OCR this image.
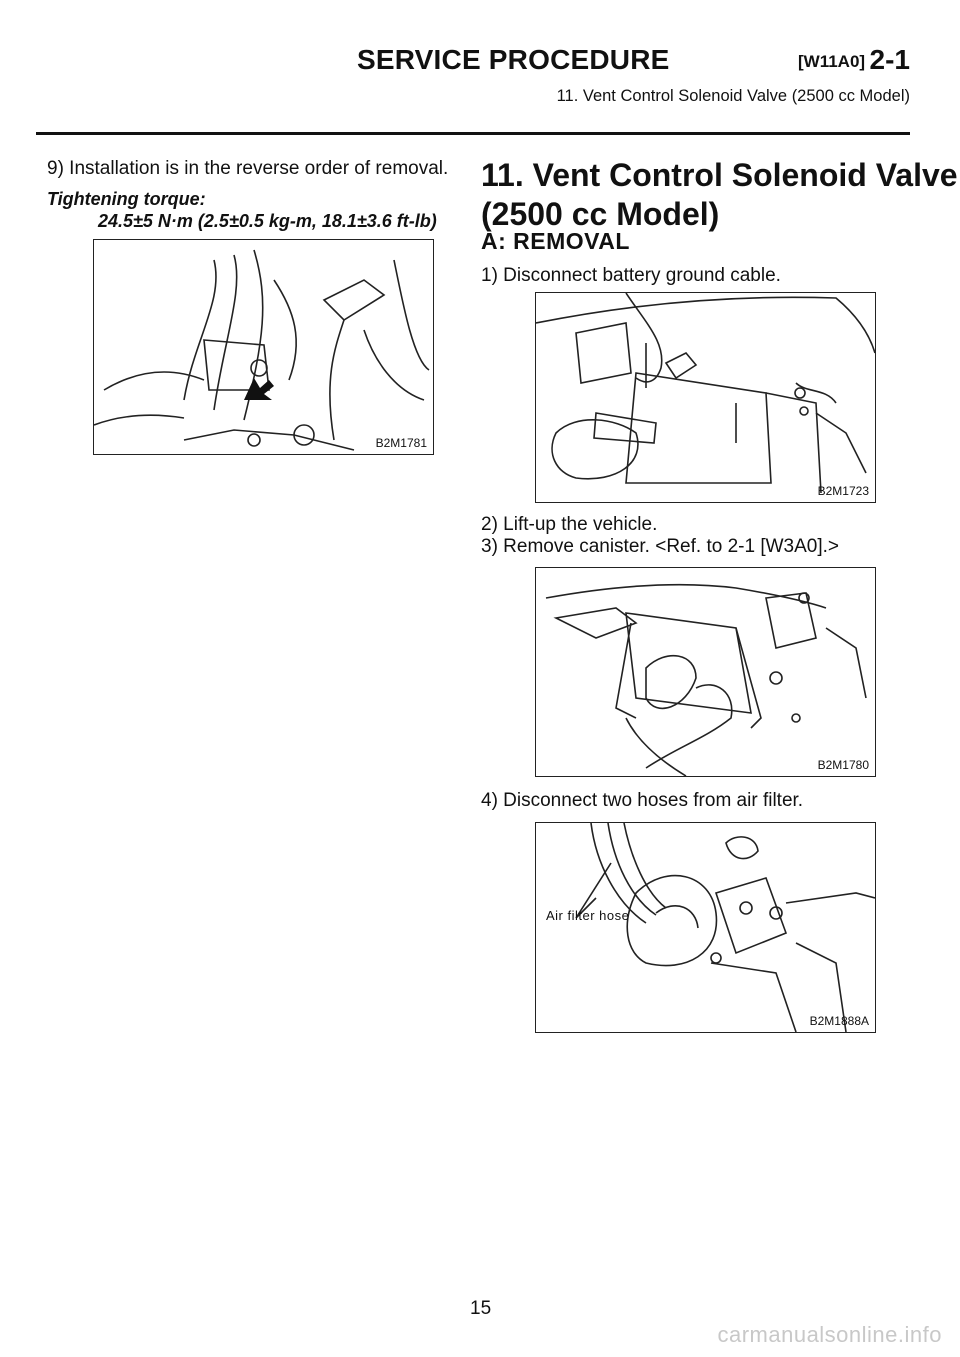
SERVICE PROCEDURE	[W11A0] 2-1
11. Vent Control Solenoid Valve (2500 cc Model)
9) Installation is in the reverse order of removal.
Tightening torque:
24.5±5 N·m (2.5±0.5 kg-m, 18.1±3.6 ft-lb)
B2M1781
11. Vent Control Solenoid Valve
(2500 cc Model)
A: REMOVAL
1) Disconnect battery ground cable.
B2M1723
2) Lift-up the vehicle.
3) Remove canister. <Ref. to 2-1 [W3A0].>
B2M1780
4) Disconnect two hoses from air filter.
Air filter hose
B2M1888A
15
carmanualsonline.info
